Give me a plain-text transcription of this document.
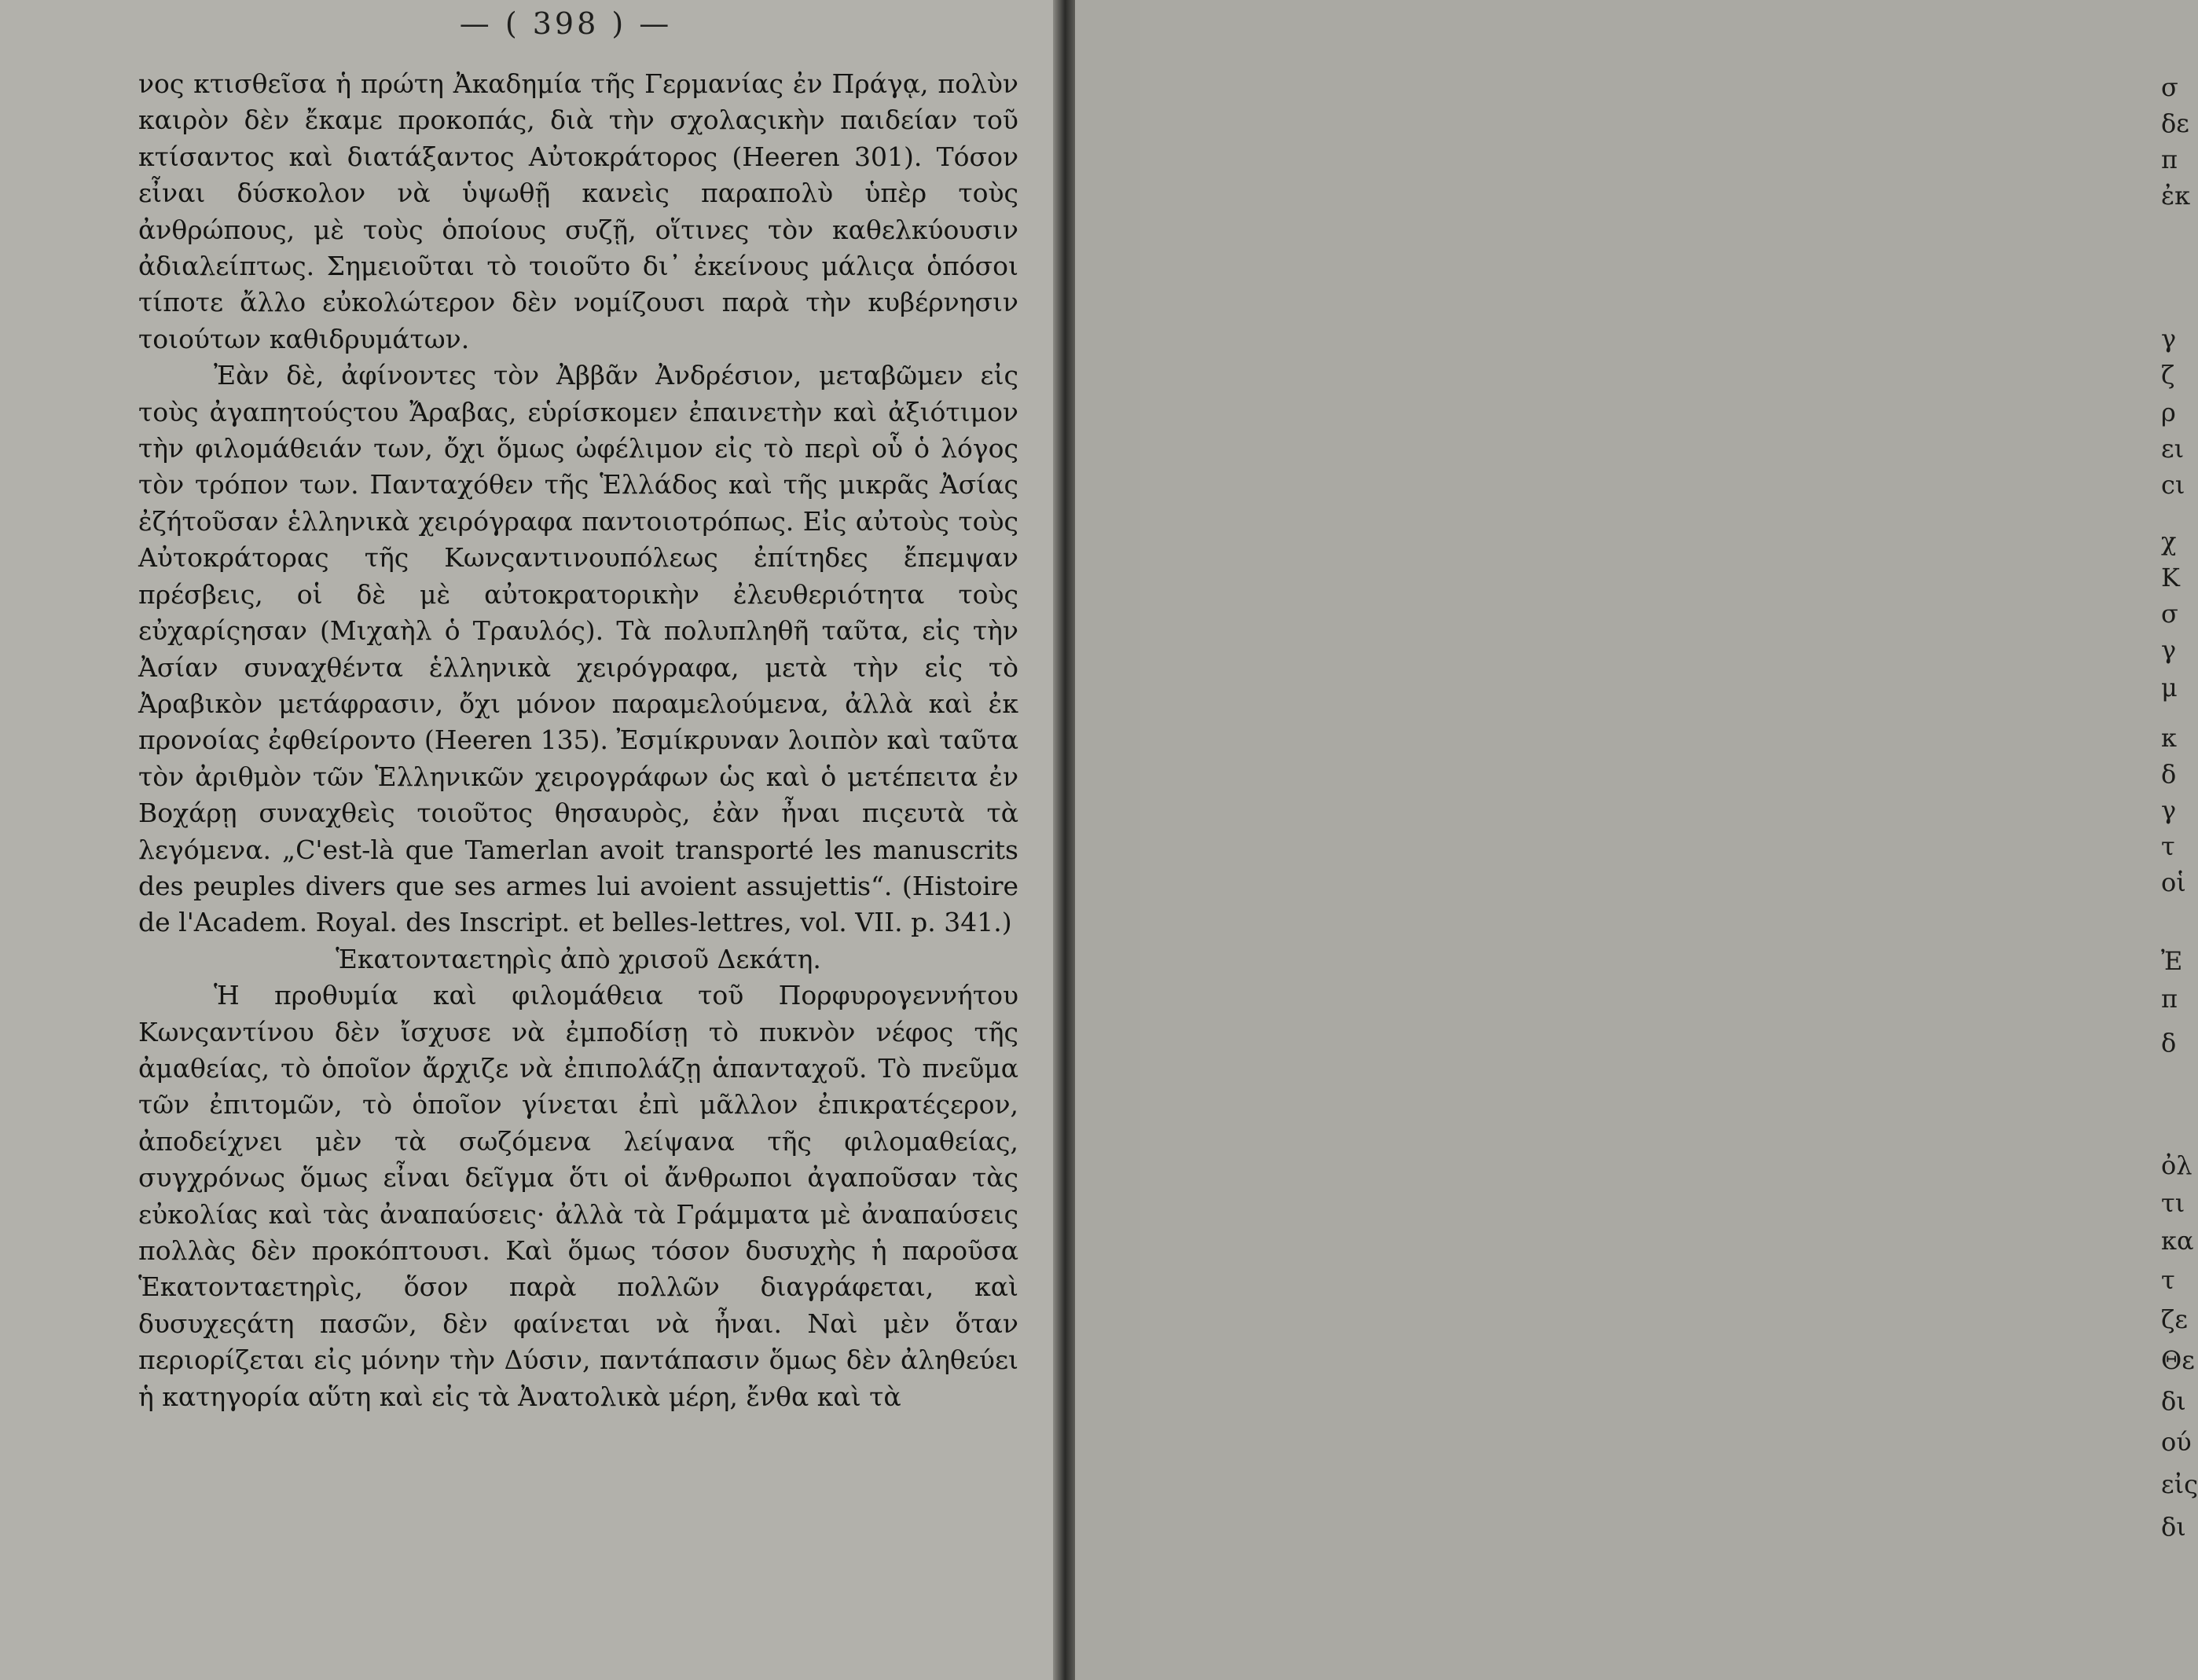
— ( 398 ) —

νος κτισθεῖσα ἡ πρώτη Ἀκαδημία τῆς Γερμανίας ἐν Πράγᾳ, πολὺν καιρὸν δὲν ἔκαμε προκοπάς, διὰ τὴν σχολαςικὴν παιδείαν τοῦ κτίσαντος καὶ διατάξαντος Αὐτοκράτορος (Heeren 301). Τόσον εἶναι δύσκολον νὰ ὑψωθῇ κανεὶς παραπολὺ ὑπὲρ τοὺς ἀνθρώπους, μὲ τοὺς ὁποίους συζῇ, οἵτινες τὸν καθελκύουσιν ἀδιαλείπτως. Σημειοῦται τὸ τοιοῦτο δι᾽ ἐκείνους μάλιςα ὁπόσοι τίποτε ἄλλο εὐκολώτερον δὲν νομίζουσι παρὰ τὴν κυβέρνησιν τοιούτων καθιδρυμάτων.

Ἐὰν δὲ, ἀφίνοντες τὸν Ἀββᾶν Ἀνδρέσιον, μεταβῶμεν εἰς τοὺς ἀγαπητούςτου Ἄραβας, εὑρίσκομεν ἐπαινετὴν καὶ ἀξιότιμον τὴν φιλομάθειάν των, ὄχι ὅμως ὠφέλιμον εἰς τὸ περὶ οὗ ὁ λόγος τὸν τρόπον των. Πανταχόθεν τῆς Ἑλλάδος καὶ τῆς μικρᾶς Ἀσίας ἐζήτοῦσαν ἑλληνικὰ χειρόγραφα παντοιοτρόπως. Εἰς αὐτοὺς τοὺς Αὐτοκράτορας τῆς Κωνςαντινουπόλεως ἐπίτηδες ἔπεμψαν πρέσβεις, οἱ δὲ μὲ αὐτοκρατορικὴν ἐλευθεριότητα τοὺς εὐχαρίςησαν (Μιχαὴλ ὁ Τραυλός). Τὰ πολυπληθῆ ταῦτα, εἰς τὴν Ἀσίαν συναχθέντα ἑλληνικὰ χειρόγραφα, μετὰ τὴν εἰς τὸ Ἀραβικὸν μετάφρασιν, ὄχι μόνον παραμελούμενα, ἀλλὰ καὶ ἐκ προνοίας ἐφθείροντο (Heeren 135). Ἐσμίκρυναν λοιπὸν καὶ ταῦτα τὸν ἀριθμὸν τῶν Ἑλληνικῶν χειρογράφων ὡς καὶ ὁ μετέπειτα ἐν Βοχάρῃ συναχθεὶς τοιοῦτος θησαυρὸς, ἐὰν ἦναι πιςευτὰ τὰ λεγόμενα. „C'est-là que Tamerlan avoit transporté les manuscrits des peuples divers que ses armes lui avoient assujettis“. (Histoire de l'Academ. Royal. des Inscript. et belles-lettres, vol. VII. p. 341.)

Ἑκατονταετηρὶς ἀπὸ χρισοῦ Δεκάτη.

Ἡ προθυμία καὶ φιλομάθεια τοῦ Πορφυρογεννήτου Κωνςαντίνου δὲν ἴσχυσε νὰ ἐμποδίσῃ τὸ πυκνὸν νέφος τῆς ἀμαθείας, τὸ ὁποῖον ἄρχιζε νὰ ἐπιπολάζῃ ἁπανταχοῦ. Τὸ πνεῦμα τῶν ἐπιτομῶν, τὸ ὁποῖον γίνεται ἐπὶ μᾶλλον ἐπικρατέςερον, ἀποδείχνει μὲν τὰ σωζόμενα λείψανα τῆς φιλομαθείας, συγχρόνως ὅμως εἶναι δεῖγμα ὅτι οἱ ἄνθρωποι ἀγαποῦσαν τὰς εὐκολίας καὶ τὰς ἀναπαύσεις· ἀλλὰ τὰ Γράμματα μὲ ἀναπαύσεις πολλὰς δὲν προκόπτουσι. Καὶ ὅμως τόσον δυσυχὴς ἡ παροῦσα Ἑκατονταετηρὶς, ὅσον παρὰ πολλῶν διαγράφεται, καὶ δυσυχεςάτη πασῶν, δὲν φαίνεται νὰ ἦναι. Ναὶ μὲν ὅταν περιορίζεται εἰς μόνην τὴν Δύσιν, παντάπασιν ὅμως δὲν ἀληθεύει ἡ κατηγορία αὕτη καὶ εἰς τὰ Ἀνατολικὰ μέρη, ἔνθα καὶ τὰ

σ
δε
π
ἐκ
γ
ζ
ρ
ει
cι
χ
Κ
σ
γ
μ
κ
δ
γ
τ
οἱ
Ἐ
π
δ
ὀλ
τι
κα
τ
ζε
Θε
δι
ού
εἰς
δι
